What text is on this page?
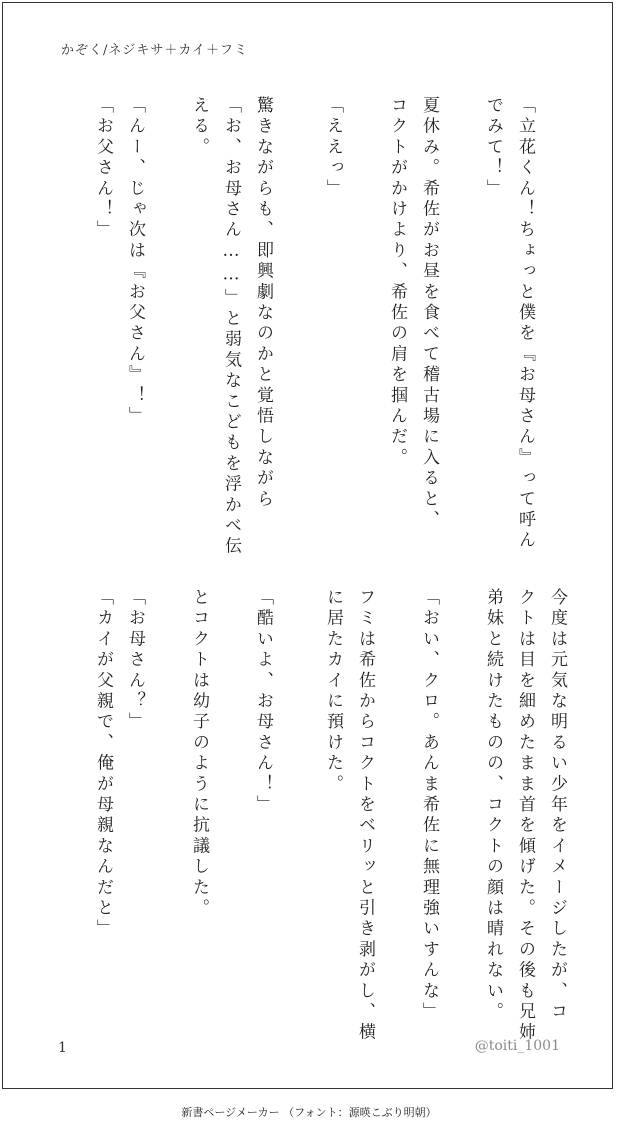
かぞく/ネジキサ＋カイ＋フミ
「立花くん！ちょっと僕を『お母さん』って呼ん
でみて！」
夏休み。希佐がお昼を食べて稽古場に入ると、
コクトがかけより、希佐の肩を掴んだ。
「ええっ」
驚きながらも、即興劇なのかと覚悟しながら
「お、お母さん……」と弱気なこどもを浮かべ伝
える。
「んー、じゃ次は『お父さん』！」
「お父さん！」
今度は元気な明るい少年をイメージしたが、コ
クトは目を細めたまま首を傾げた。その後も兄姉
弟妹と続けたものの、コクトの顔は晴れない。
「おい、クロ。あんま希佐に無理強いすんな」
フミは希佐からコクトをベリッと引き剥がし、横
に居たカイに預けた。
「酷いよ、お母さん！」
とコクトは幼子のように抗議した。
「お母さん？」
「カイが父親で、俺が母親なんだと」
1	@toiti_1001
新書ページメーカー （フォント：源暎こぶり明朝）
